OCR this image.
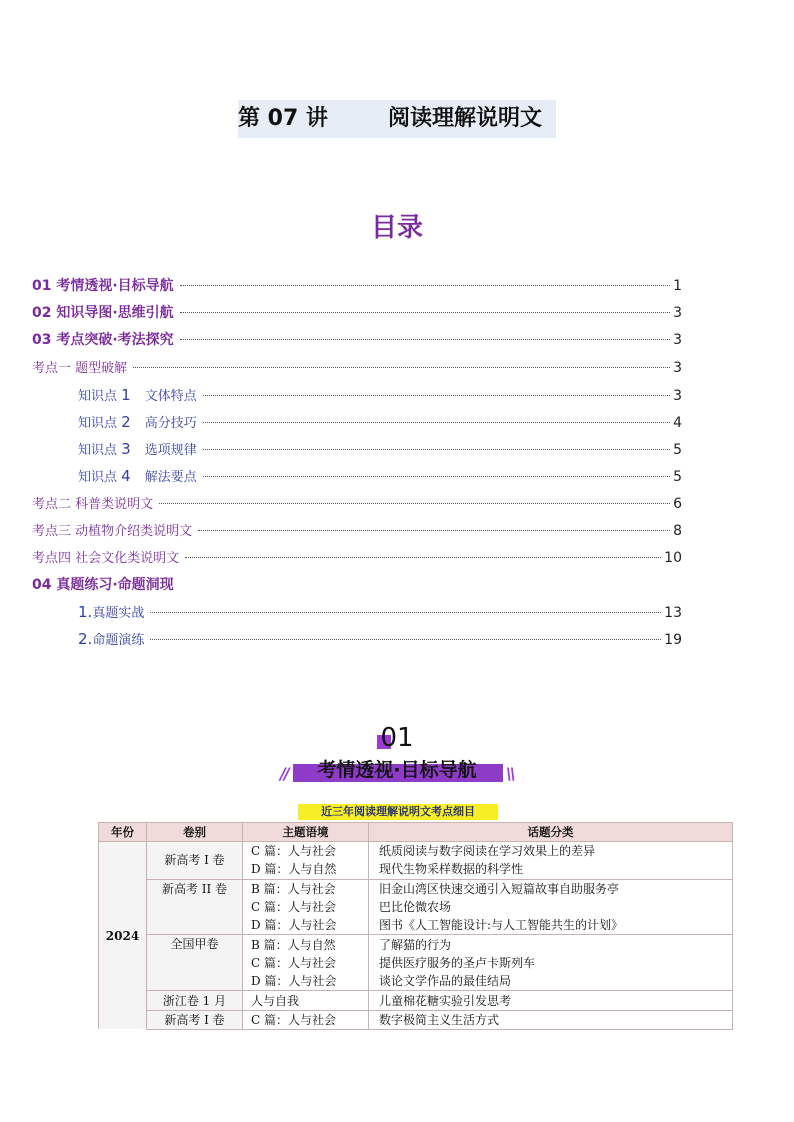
第 07 讲	阅读理解说明文
目录
01 考情透视·目标导航	1
02 知识导图·思维引航	3
03 考点突破·考法探究	3
考点一 题型破解	3
知识点 1 文体特点	3
知识点 2 高分技巧	4
知识点 3 选项规律	5
知识点 4 解法要点	5
考点二 科普类说明文	6
考点三 动植物介绍类说明文	8
考点四 社会文化类说明文	10
04 真题练习·命题洞现
1.真题实战	13
2.命题演练	19
01
//	\\
考情透视·目标导航
近三年阅读理解说明文考点细目
年份	卷别	主题语境	话题分类
2024	新高考 I 卷	C 篇：人与社会	纸质阅读与数字阅读在学习效果上的差异
		D 篇：人与自然	现代生物采样数据的科学性
	新高考 II 卷	B 篇：人与社会	旧金山湾区快速交通引入短篇故事自助服务亭
		C 篇：人与社会	巴比伦微农场
		D 篇：人与社会	图书《人工智能设计:与人工智能共生的计划》
	全国甲卷	B 篇：人与自然	了解猫的行为
		C 篇：人与社会	提供医疗服务的圣卢卡斯列车
		D 篇：人与社会	谈论文学作品的最佳结局
	浙江卷 1 月	人与自我	儿童棉花糖实验引发思考
	新高考 I 卷	C 篇：人与社会	数字极简主义生活方式
